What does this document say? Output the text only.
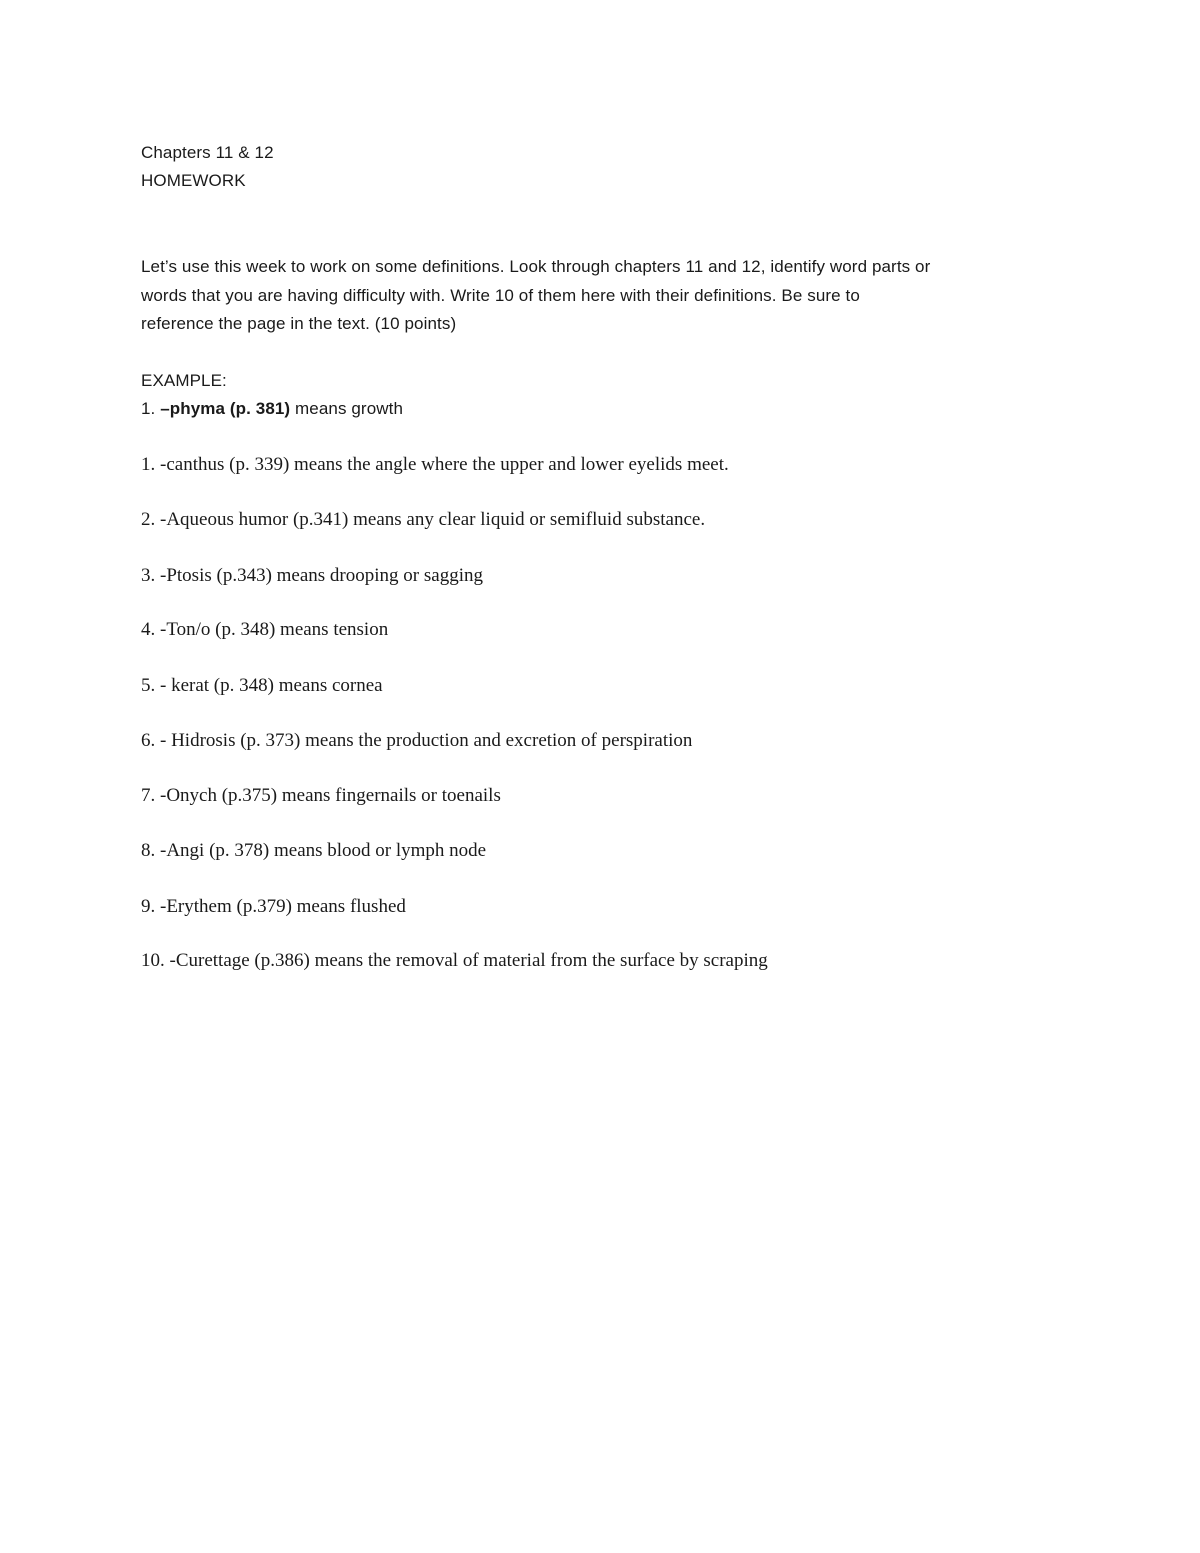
Chapters 11 & 12

HOMEWORK

Let’s use this week to work on some definitions. Look through chapters 11 and 12, identify word parts or

words that you are having difficulty with. Write 10 of them here with their definitions. Be sure to

reference the page in the text. (10 points)

EXAMPLE:

1. –phyma (p. 381) means growth

1. -canthus (p. 339) means the angle where the upper and lower eyelids meet.

2. -Aqueous humor (p.341) means any clear liquid or semifluid substance.

3. -Ptosis (p.343) means drooping or sagging

4. -Ton/o (p. 348) means tension

5. - kerat (p. 348) means cornea

6. - Hidrosis (p. 373) means the production and excretion of perspiration

7. -Onych (p.375) means fingernails or toenails

8. -Angi (p. 378) means blood or lymph node

9. -Erythem (p.379) means flushed

10. -Curettage (p.386) means the removal of material from the surface by scraping
